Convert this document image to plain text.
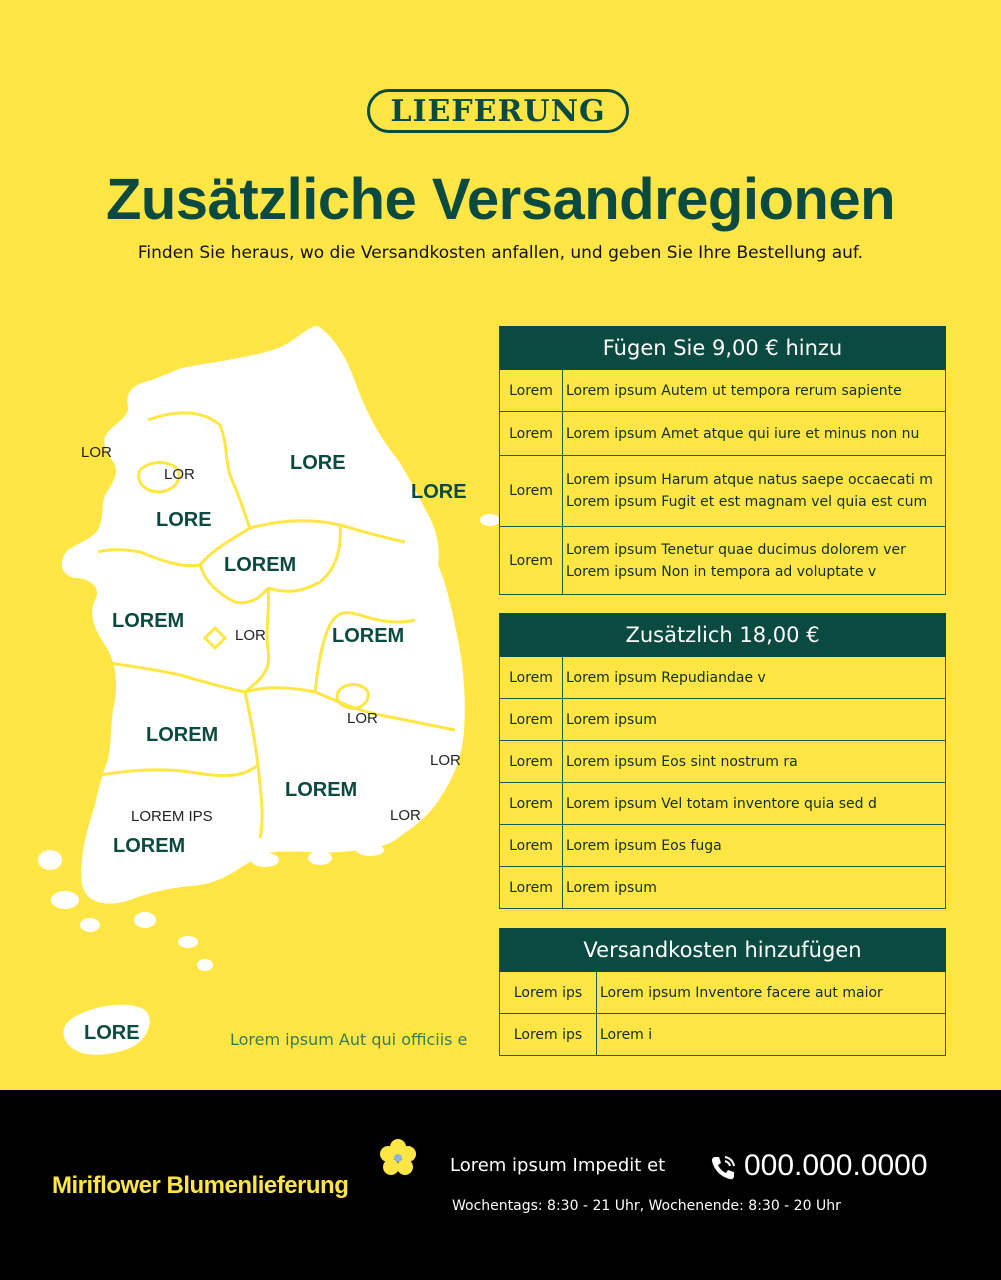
LIEFERUNG
Zusätzliche Versandregionen
Finden Sie heraus, wo die Versandkosten anfallen, und geben Sie Ihre Bestellung auf.
LOR
LOR
LORE
LORE
LORE
LOREM
LOREM
LOR	LOREM
LOR
LOREM
LOR
LOREM
LOREM IPS	LOR
LOREM
LORE	Lorem ipsum Aut qui officiis e
Fügen Sie 9,00 € hinzu	
Lorem	Lorem ipsum Autem ut tempora rerum sapiente
Lorem	Lorem ipsum Amet atque qui iure et minus non nu
Lorem	Lorem ipsum Harum atque natus saepe occaecati m
Lorem ipsum Fugit et est magnam vel quia est cum

Lorem	Lorem ipsum Tenetur quae ducimus dolorem ver
Lorem ipsum Non in tempora ad voluptate v
Zusätzlich 18,00 €	
Lorem	Lorem ipsum Repudiandae v
Lorem	Lorem ipsum
Lorem	Lorem ipsum Eos sint nostrum ra
Lorem	Lorem ipsum Vel totam inventore quia sed d
Lorem	Lorem ipsum Eos fuga
Lorem	Lorem ipsum
Versandkosten hinzufügen	
Lorem ips	Lorem ipsum Inventore facere aut maior
Lorem ips	Lorem i
Miriflower Blumenlieferung
Lorem ipsum Impedit et	000.000.0000
Wochentags: 8:30 - 21 Uhr, Wochenende: 8:30 - 20 Uhr
